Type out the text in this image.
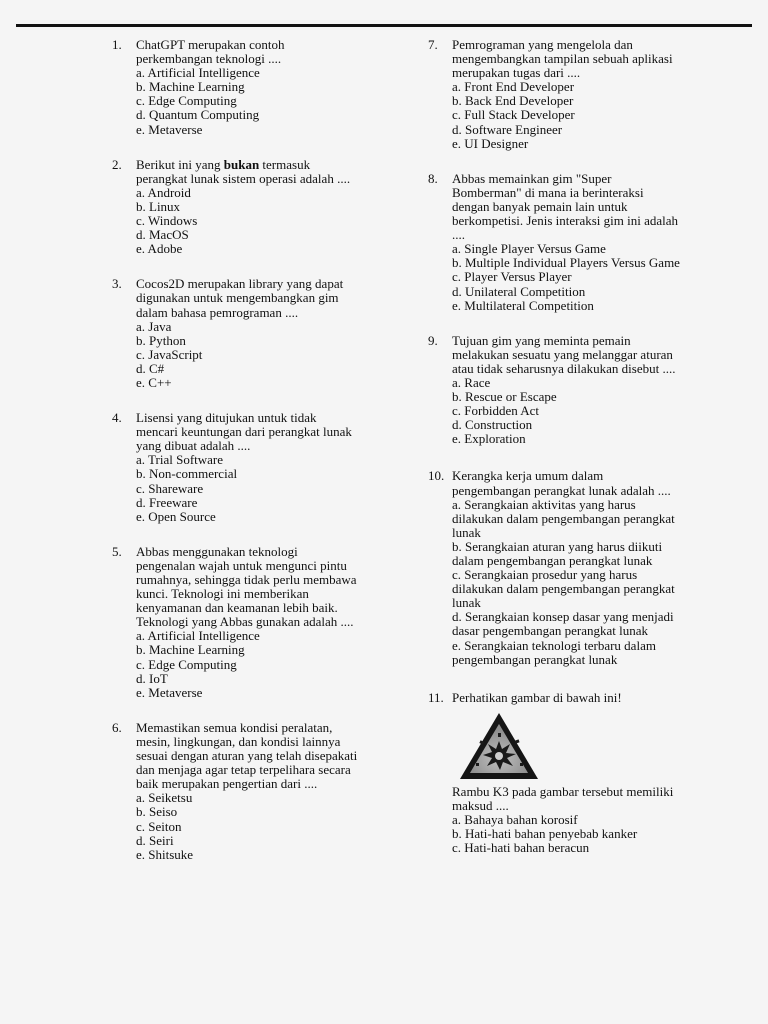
1.	ChatGPT merupakan contoh perkembangan teknologi ....
a. Artificial Intelligence
b. Machine Learning
c. Edge Computing
d. Quantum Computing
e. Metaverse
2.	Berikut ini yang bukan termasuk perangkat lunak sistem operasi adalah ....
a. Android
b. Linux
c. Windows
d. MacOS
e. Adobe
3.	Cocos2D merupakan library yang dapat digunakan untuk mengembangkan gim dalam bahasa pemrograman ....
a. Java
b. Python
c. JavaScript
d. C#
e. C++
4.	Lisensi yang ditujukan untuk tidak mencari keuntungan dari perangkat lunak yang dibuat adalah ....
a. Trial Software
b. Non-commercial
c. Shareware
d. Freeware
e. Open Source
5.	Abbas menggunakan teknologi pengenalan wajah untuk mengunci pintu rumahnya, sehingga tidak perlu membawa kunci. Teknologi ini memberikan kenyamanan dan keamanan lebih baik. Teknologi yang Abbas gunakan adalah ....
a. Artificial Intelligence
b. Machine Learning
c. Edge Computing
d. IoT
e. Metaverse
6.	Memastikan semua kondisi peralatan, mesin, lingkungan, dan kondisi lainnya sesuai dengan aturan yang telah disepakati dan menjaga agar tetap terpelihara secara baik merupakan pengertian dari ....
a. Seiketsu
b. Seiso
c. Seiton
d. Seiri
e. Shitsuke
7.	Pemrograman yang mengelola dan mengembangkan tampilan sebuah aplikasi merupakan tugas dari ....
a. Front End Developer
b. Back End Developer
c. Full Stack Developer
d. Software Engineer
e. UI Designer
8.	Abbas memainkan gim "Super Bomberman" di mana ia berinteraksi dengan banyak pemain lain untuk berkompetisi. Jenis interaksi gim ini adalah ....
a. Single Player Versus Game
b. Multiple Individual Players Versus Game
c. Player Versus Player
d. Unilateral Competition
e. Multilateral Competition
9.	Tujuan gim yang meminta pemain melakukan sesuatu yang melanggar aturan atau tidak seharusnya dilakukan disebut ....
a. Race
b. Rescue or Escape
c. Forbidden Act
d. Construction
e. Exploration
10. Kerangka kerja umum dalam pengembangan perangkat lunak adalah ....
a. Serangkaian aktivitas yang harus dilakukan dalam pengembangan perangkat lunak
b. Serangkaian aturan yang harus diikuti dalam pengembangan perangkat lunak
c. Serangkaian prosedur yang harus dilakukan dalam pengembangan perangkat lunak
d. Serangkaian konsep dasar yang menjadi dasar pengembangan perangkat lunak
e. Serangkaian teknologi terbaru dalam pengembangan perangkat lunak
11. Perhatikan gambar di bawah ini!
Rambu K3 pada gambar tersebut memiliki maksud ....
a. Bahaya bahan korosif
b. Hati-hati bahan penyebab kanker
c. Hati-hati bahan beracun
